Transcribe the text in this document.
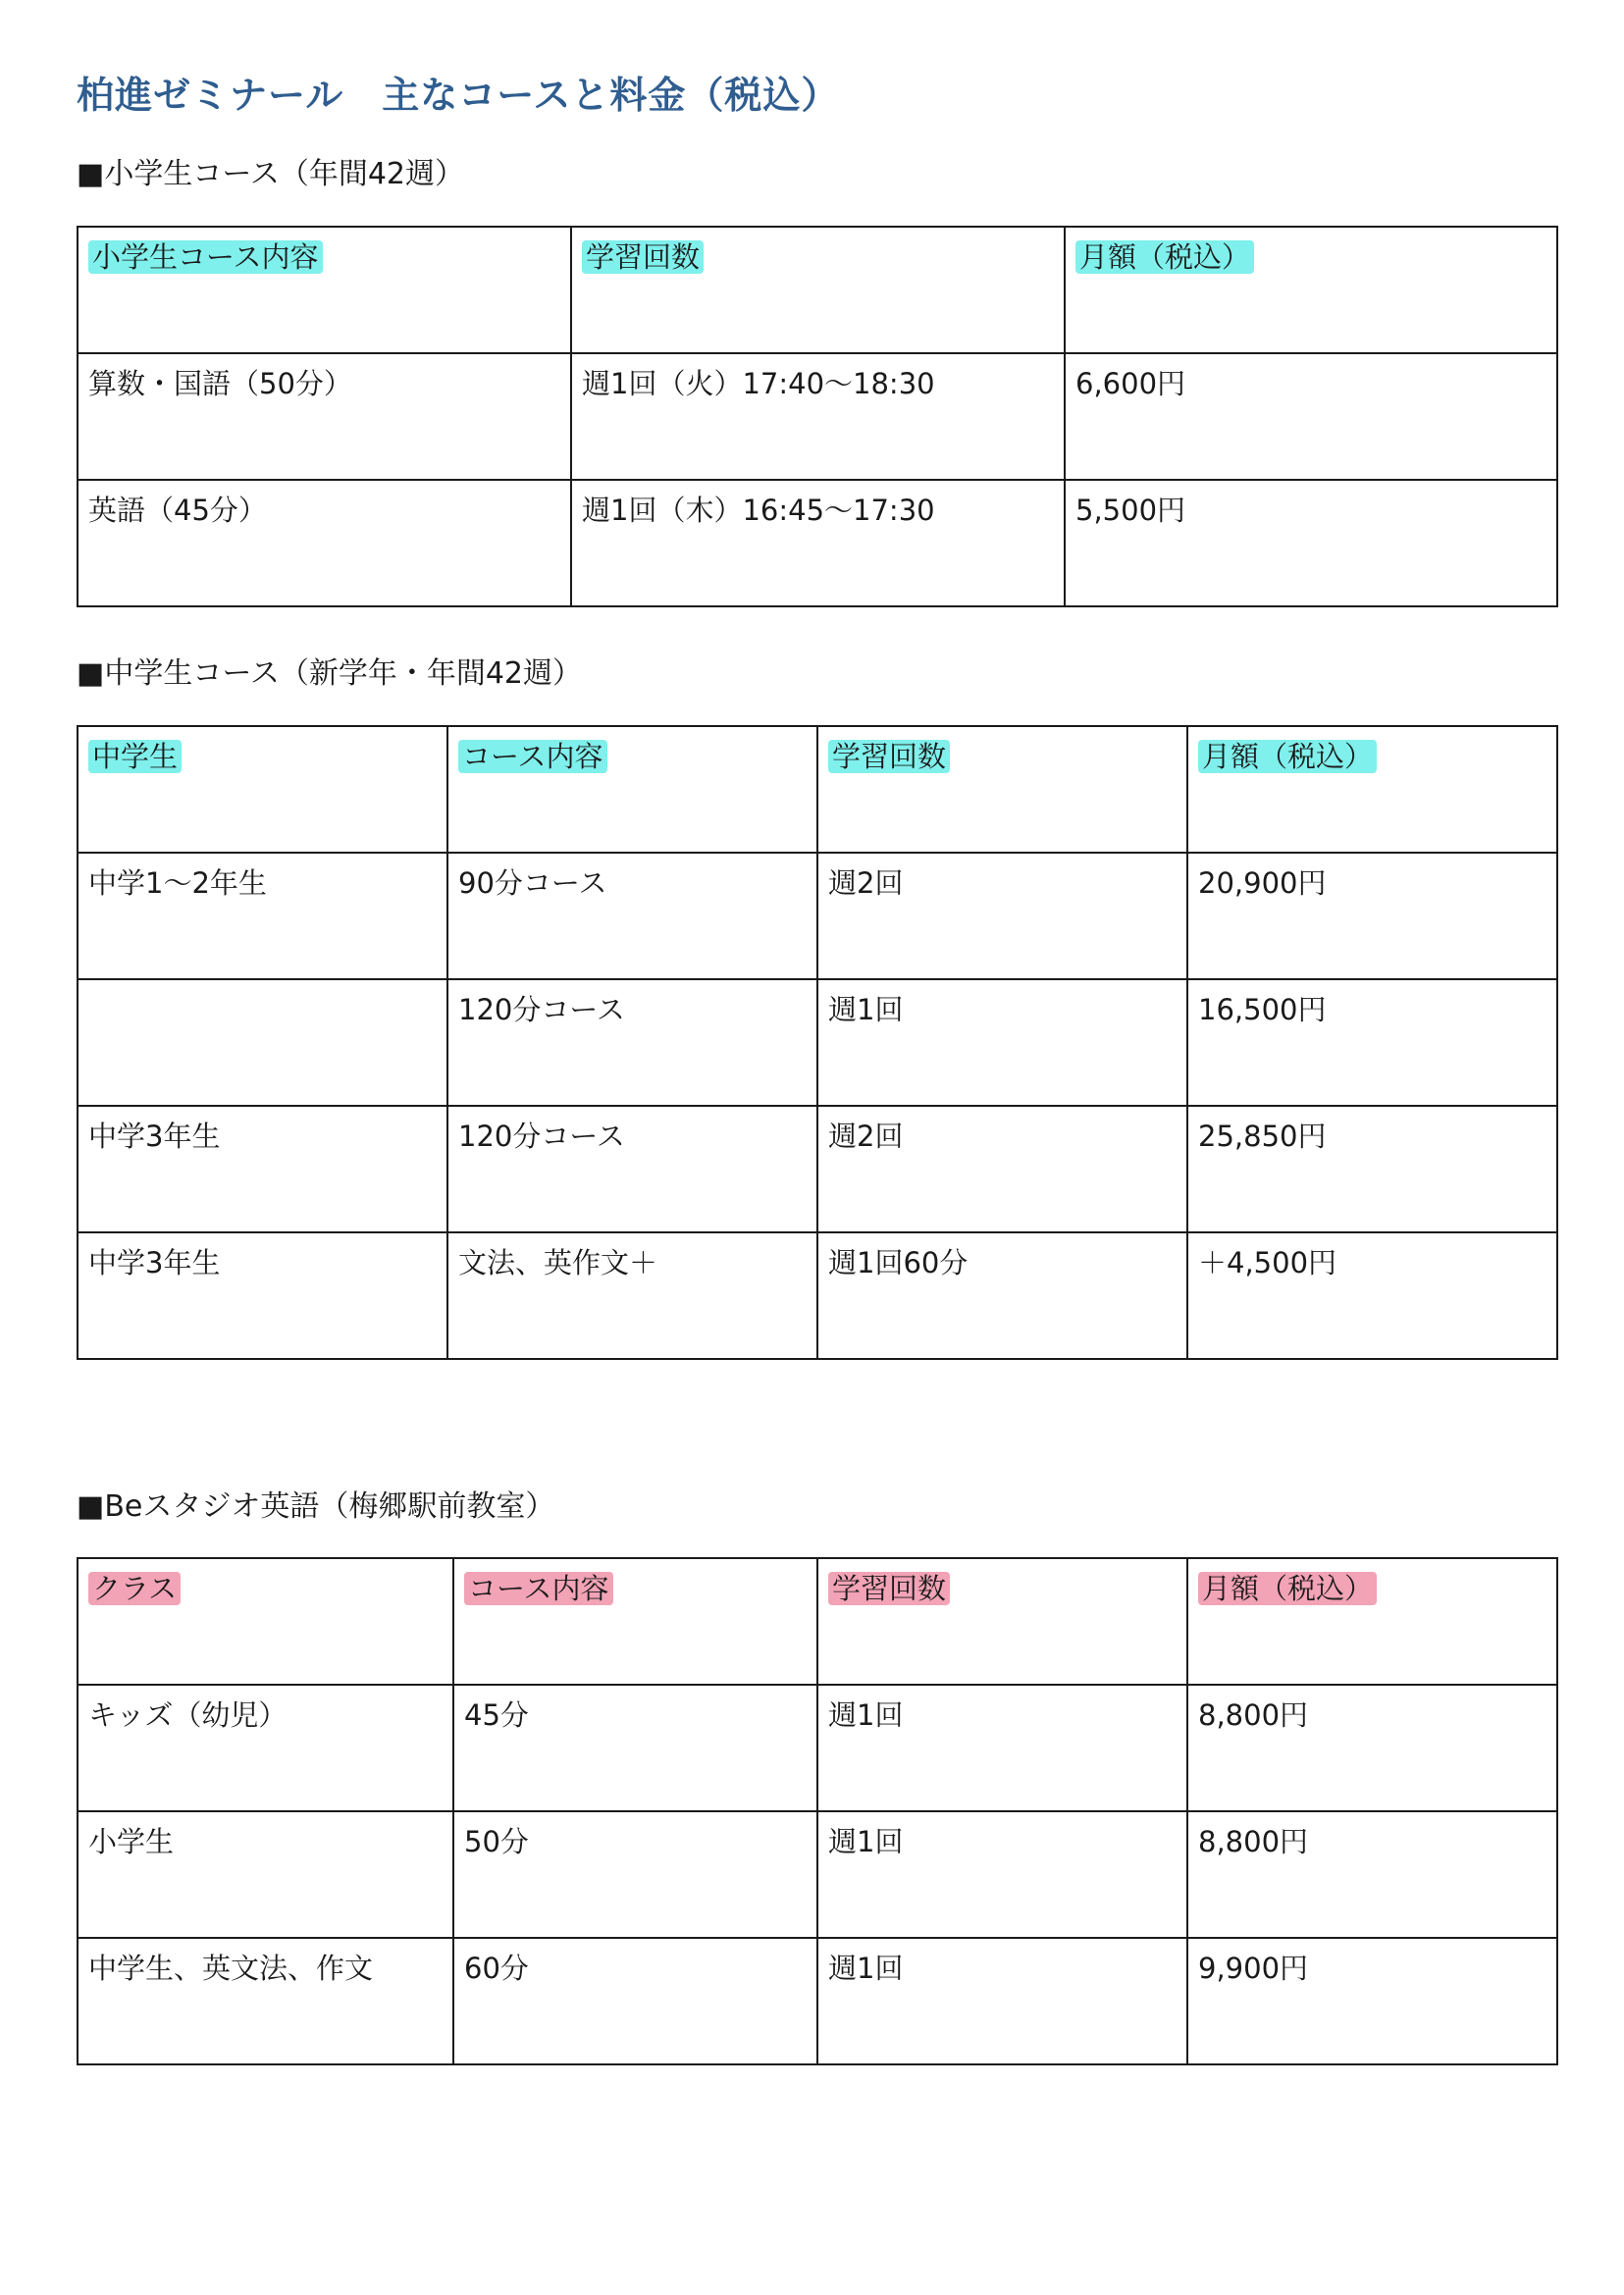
柏進ゼミナール　主なコースと料金（税込）
■小学生コース（年間42週）
小学生コース内容	学習回数	月額（税込）
算数・国語（50分）	週1回（火）17:40〜18:30	6,600円
英語（45分）	週1回（木）16:45〜17:30	5,500円
■中学生コース（新学年・年間42週）
中学生	コース内容	学習回数	月額（税込）
中学1〜2年生	90分コース	週2回	20,900円
	120分コース	週1回	16,500円
中学3年生	120分コース	週2回	25,850円
中学3年生	文法、英作文＋	週1回60分	＋4,500円
■Beスタジオ英語（梅郷駅前教室）
クラス	コース内容	学習回数	月額（税込）
キッズ（幼児）	45分	週1回	8,800円
小学生	50分	週1回	8,800円
中学生、英文法、作文	60分	週1回	9,900円
